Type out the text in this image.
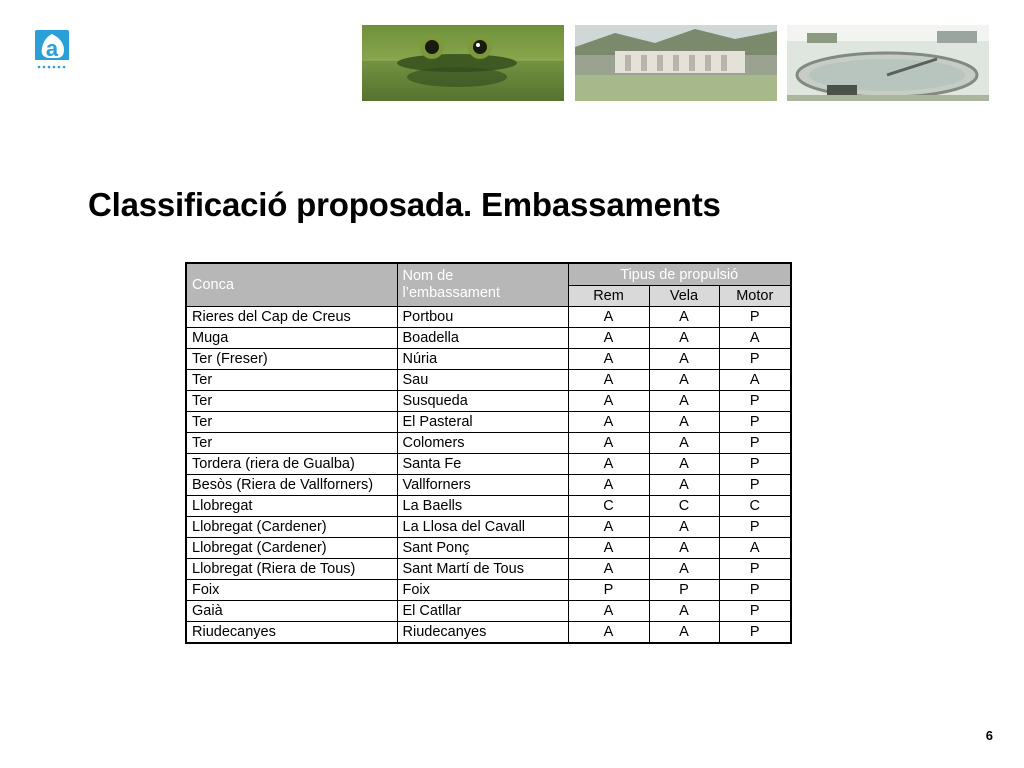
a
Classificació proposada. Embassaments
Conca	Nom de l’embassament	Tipus de propulsió		
		Rem	Vela	Motor
Rieres del Cap de Creus	Portbou	A	A	P
Muga	Boadella	A	A	A
Ter (Freser)	Núria	A	A	P
Ter	Sau	A	A	A
Ter	Susqueda	A	A	P
Ter	El Pasteral	A	A	P
Ter	Colomers	A	A	P
Tordera (riera de Gualba)	Santa Fe	A	A	P
Besòs (Riera de Vallforners)	Vallforners	A	A	P
Llobregat	La Baells	C	C	C
Llobregat (Cardener)	La Llosa del Cavall	A	A	P
Llobregat (Cardener)	Sant Ponç	A	A	A
Llobregat (Riera de Tous)	Sant Martí de Tous	A	A	P
Foix	Foix	P	P	P
Gaià	El Catllar	A	A	P
Riudecanyes	Riudecanyes	A	A	P
6
